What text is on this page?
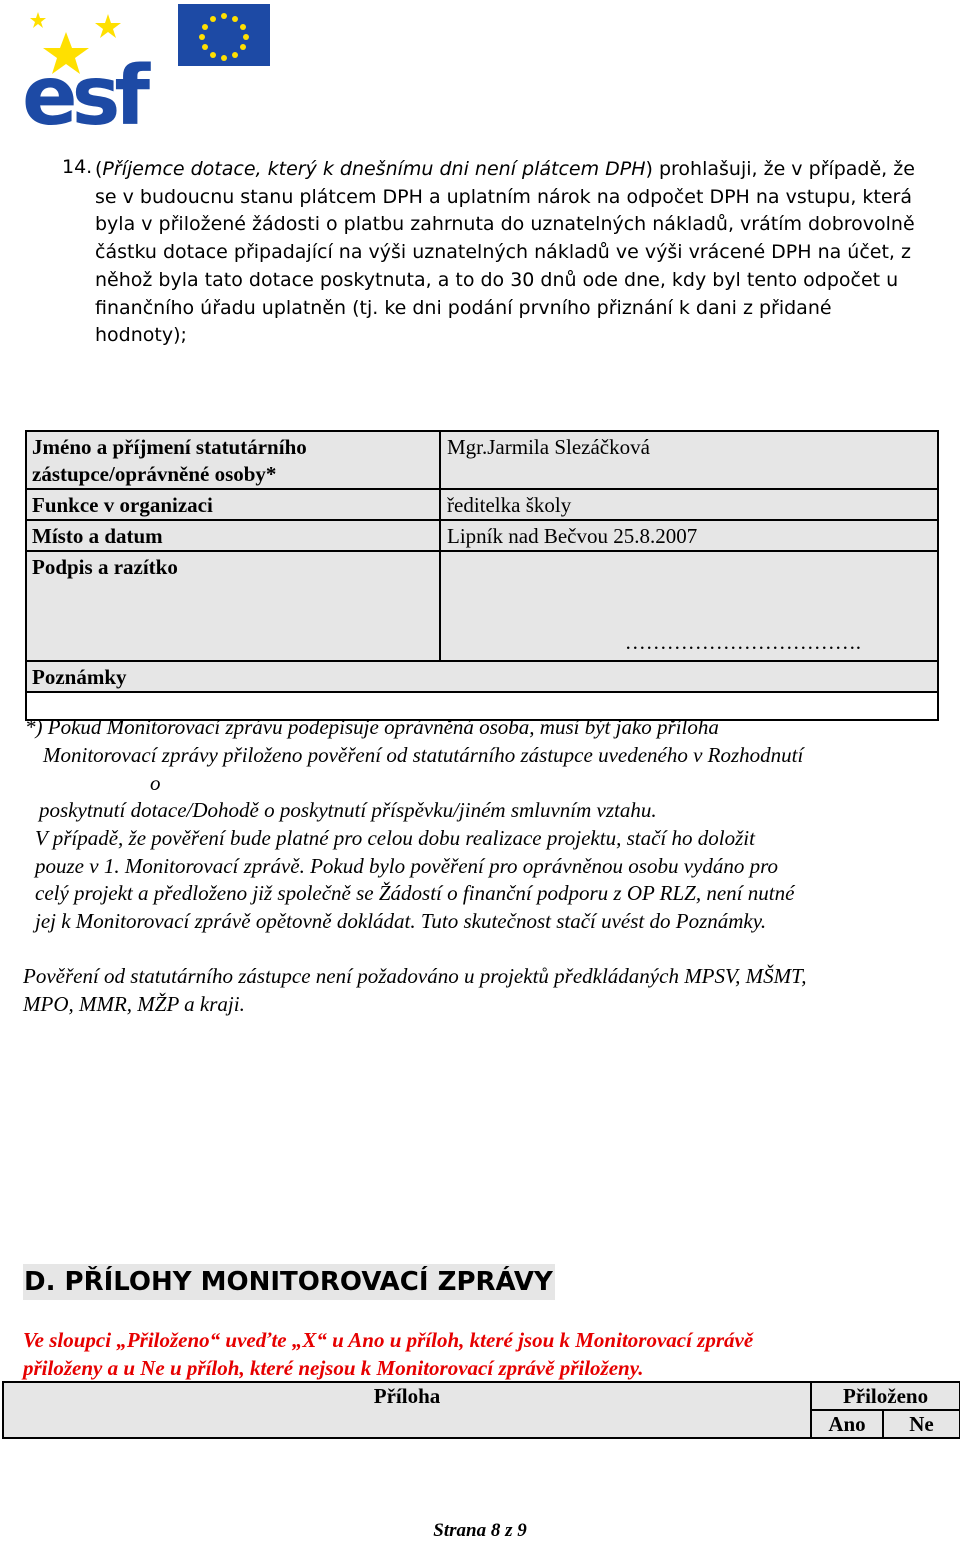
esf
14. (Příjemce dotace, který k dnešnímu dni není plátcem DPH) prohlašuji, že v případě, že
se v budoucnu stanu plátcem DPH a uplatním nárok na odpočet DPH na vstupu, která
byla v přiložené žádosti o platbu zahrnuta do uznatelných nákladů, vrátím dobrovolně
částku dotace připadající na výši uznatelných nákladů ve výši vrácené DPH na účet, z
něhož byla tato dotace poskytnuta, a to do 30 dnů ode dne, kdy byl tento odpočet u
finančního úřadu uplatněn (tj. ke dni podání prvního přiznání k dani z přidané
hodnoty);
Jméno a příjmení statutárního zástupce/oprávněné osoby*	Mgr.Jarmila Slezáčková
Funkce v organizaci	ředitelka školy
Místo a datum	Lipník nad Bečvou 25.8.2007
Podpis a razítko	…………………………….

Poznámky	

*) Pokud Monitorovací zprávu podepisuje oprávněná osoba, musí být jako příloha

Monitorovací zprávy přiloženo pověření od statutárního zástupce uvedeného v Rozhodnutí

o

poskytnutí dotace/Dohodě o poskytnutí příspěvku/jiném smluvním vztahu.

V případě, že pověření bude platné pro celou dobu realizace projektu, stačí ho doložit

pouze v 1. Monitorovací zprávě. Pokud bylo pověření pro oprávněnou osobu vydáno pro

celý projekt a předloženo již společně se Žádostí o finanční podporu z OP RLZ, není nutné

jej k Monitorovací zprávě opětovně dokládat. Tuto skutečnost stačí uvést do Poznámky.

Pověření od statutárního zástupce není požadováno u projektů předkládaných MPSV, MŠMT,

MPO, MMR, MŽP a kraji.

D. PŘÍLOHY MONITOROVACÍ ZPRÁVY

Ve sloupci „Přiloženo“ uveďte „X“ u Ano u příloh, které jsou k Monitorovací zprávě

přiloženy a u Ne u příloh, které nejsou k Monitorovací zprávě přiloženy.

Příloha	Přiloženo	
	Ano	Ne
Strana 8 z 9
